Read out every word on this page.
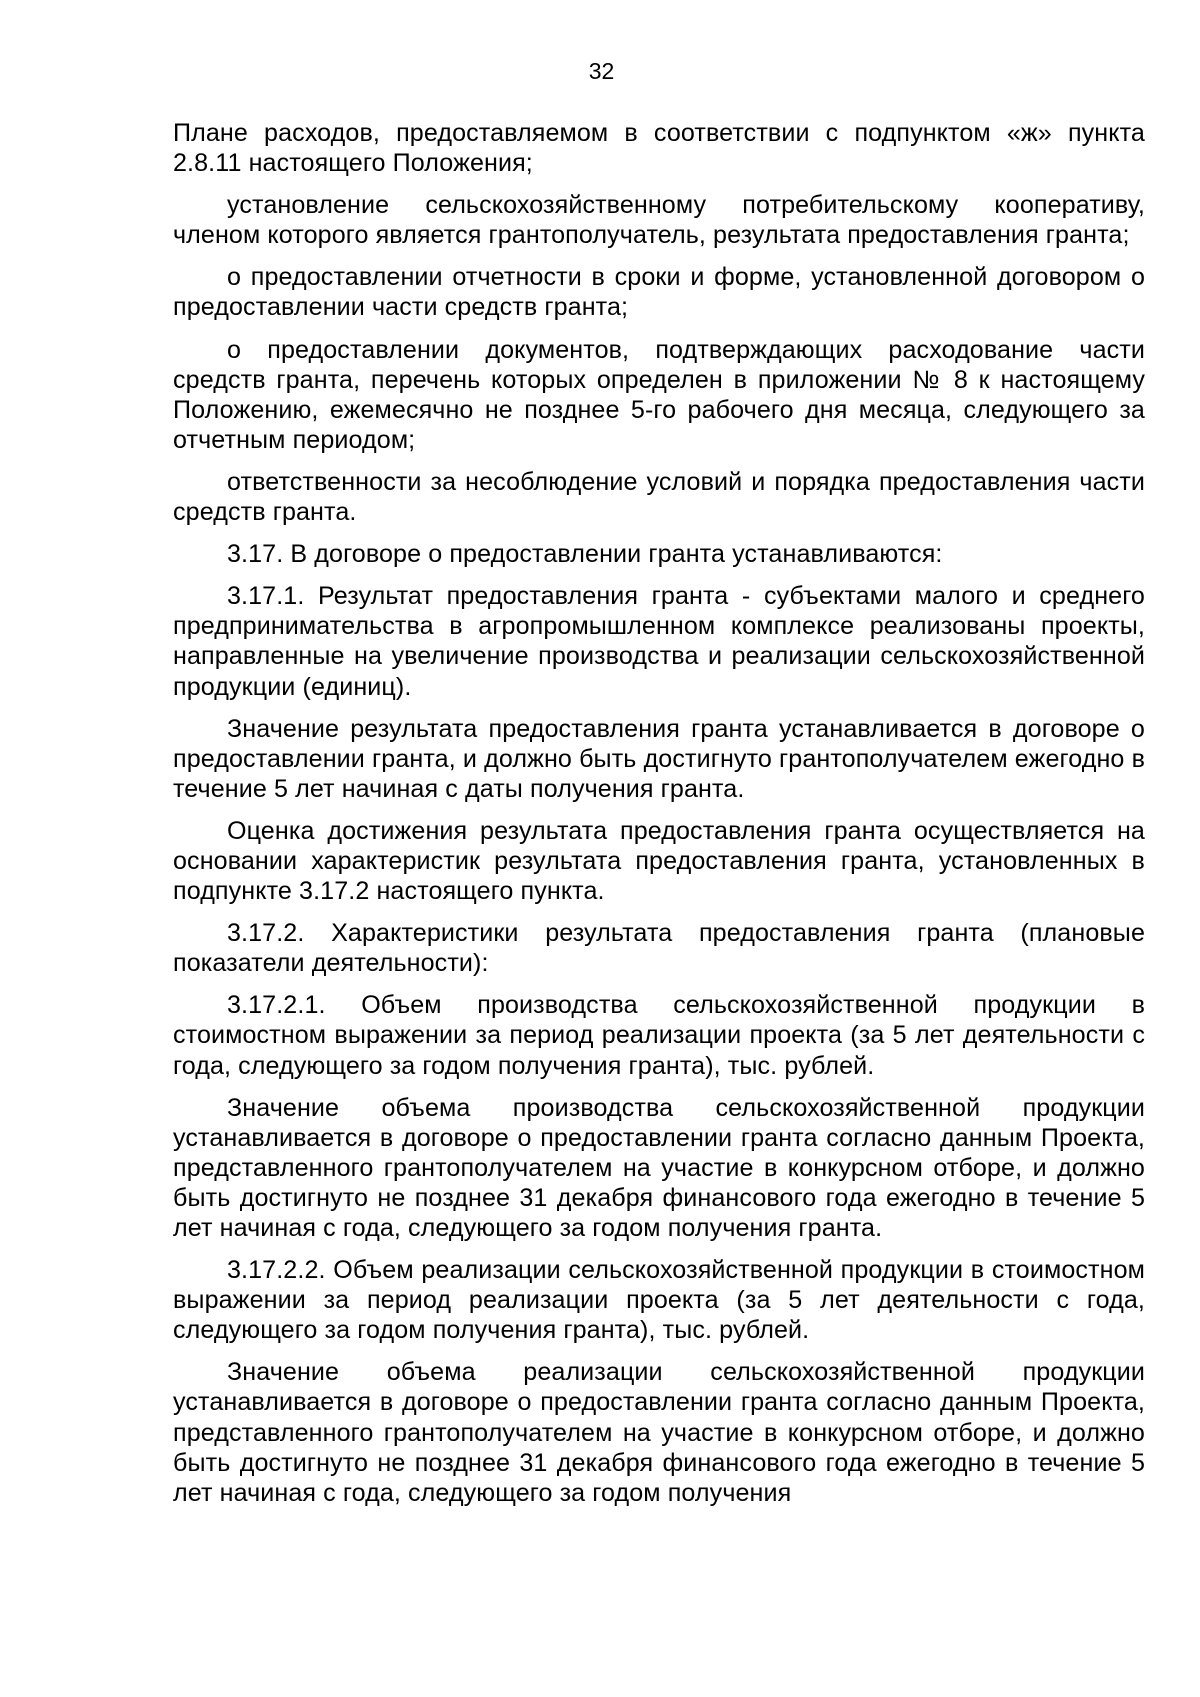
32

Плане расходов, предоставляемом в соответствии с подпунктом «ж» пункта 2.8.11 настоящего Положения;

установление сельскохозяйственному потребительскому кооперативу, членом которого является грантополучатель, результата предоставления гранта;

о предоставлении отчетности в сроки и форме, установленной договором о предоставлении части средств гранта;

о предоставлении документов, подтверждающих расходование части средств гранта, перечень которых определен в приложении № 8 к настоящему Положению, ежемесячно не позднее 5-го рабочего дня месяца, следующего за отчетным периодом;

ответственности за несоблюдение условий и порядка предоставления части средств гранта.

3.17. В договоре о предоставлении гранта устанавливаются:

3.17.1. Результат предоставления гранта - субъектами малого и среднего предпринимательства в агропромышленном комплексе реализованы проекты, направленные на увеличение производства и реализации сельскохозяйственной продукции (единиц).

Значение результата предоставления гранта устанавливается в договоре о предоставлении гранта, и должно быть достигнуто грантополучателем ежегодно в течение 5 лет начиная с даты получения гранта.

Оценка достижения результата предоставления гранта осуществляется на основании характеристик результата предоставления гранта, установленных в подпункте 3.17.2 настоящего пункта.

3.17.2. Характеристики результата предоставления гранта (плановые показатели деятельности):

3.17.2.1. Объем производства сельскохозяйственной продукции в стоимостном выражении за период реализации проекта (за 5 лет деятельности с года, следующего за годом получения гранта), тыс. рублей.

Значение объема производства сельскохозяйственной продукции устанавливается в договоре о предоставлении гранта согласно данным Проекта, представленного грантополучателем на участие в конкурсном отборе, и должно быть достигнуто не позднее 31 декабря финансового года ежегодно в течение 5 лет начиная с года, следующего за годом получения гранта.

3.17.2.2. Объем реализации сельскохозяйственной продукции в стоимостном выражении за период реализации проекта (за 5 лет деятельности с года, следующего за годом получения гранта), тыс. рублей.

Значение объема реализации сельскохозяйственной продукции устанавливается в договоре о предоставлении гранта согласно данным Проекта, представленного грантополучателем на участие в конкурсном отборе, и должно быть достигнуто не позднее 31 декабря финансового года ежегодно в течение 5 лет начиная с года, следующего за годом получения
